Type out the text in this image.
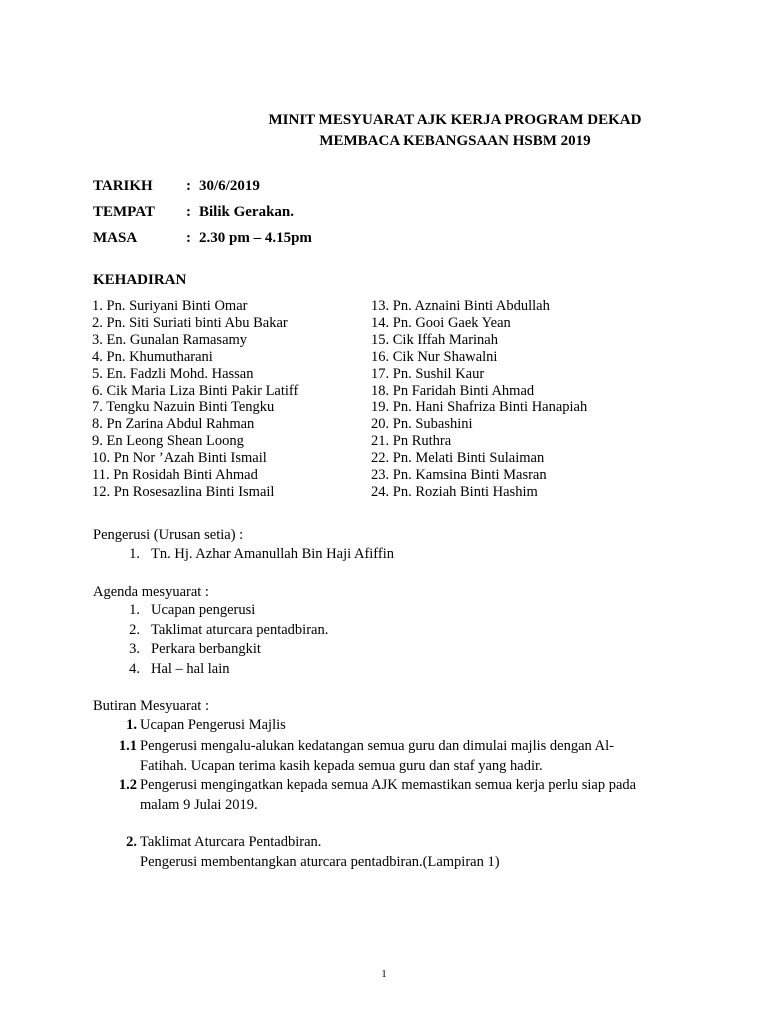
MINIT MESYUARAT AJK KERJA PROGRAM DEKAD
MEMBACA KEBANGSAAN HSBM 2019
TARIKH : 30/6/2019
TEMPAT : Bilik Gerakan.
MASA	: 2.30 pm – 4.15pm
KEHADIRAN
1. Pn. Suriyani Binti Omar
2. Pn. Siti Suriati binti Abu Bakar
3. En. Gunalan Ramasamy
4. Pn. Khumutharani
5. En. Fadzli Mohd. Hassan
6. Cik Maria Liza Binti Pakir Latiff
7. Tengku Nazuin Binti Tengku
8. Pn Zarina Abdul Rahman
9. En Leong Shean Loong
10. Pn Nor ’Azah Binti Ismail
11. Pn Rosidah Binti Ahmad
12. Pn Rosesazlina Binti Ismail
13. Pn. Aznaini Binti Abdullah
14. Pn. Gooi Gaek Yean
15. Cik Iffah Marinah
16. Cik Nur Shawalni
17. Pn. Sushil Kaur
18. Pn Faridah Binti Ahmad
19. Pn. Hani Shafriza Binti Hanapiah
20. Pn. Subashini
21. Pn Ruthra
22. Pn. Melati Binti Sulaiman
23. Pn. Kamsina Binti Masran
24. Pn. Roziah Binti Hashim
Pengerusi (Urusan setia) :
1. Tn. Hj. Azhar Amanullah Bin Haji Afiffin
Agenda mesyuarat :
1. Ucapan pengerusi
2. Taklimat aturcara pentadbiran.
3. Perkara berbangkit
4. Hal – hal lain
Butiran Mesyuarat :
1. Ucapan Pengerusi Majlis
1.1 Pengerusi mengalu-alukan kedatangan semua guru dan dimulai majlis dengan Al-
Fatihah. Ucapan terima kasih kepada semua guru dan staf yang hadir.
1.2 Pengerusi mengingatkan kepada semua AJK memastikan semua kerja perlu siap pada
malam 9 Julai 2019.
2. Taklimat Aturcara Pentadbiran.
Pengerusi membentangkan aturcara pentadbiran.(Lampiran 1)
1
